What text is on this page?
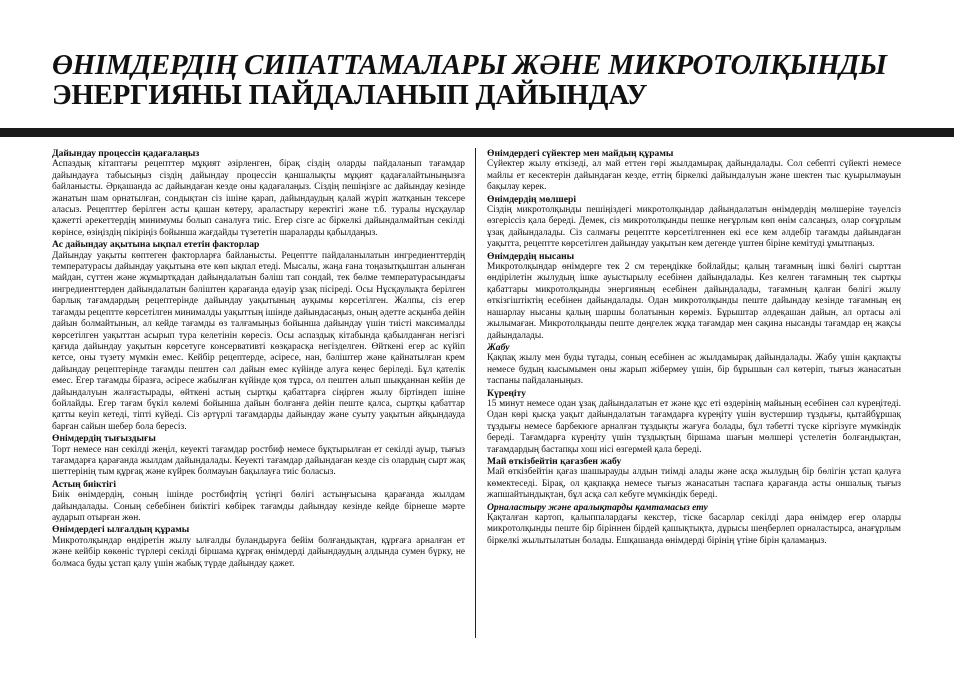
ӨНІМДЕРДІҢ СИПАТТАМАЛАРЫ ЖӘНЕ МИКРОТОЛҚЫНДЫ
ЭНЕРГИЯНЫ ПАЙДАЛАНЫП ДАЙЫНДАУ
Дайындау процессін қадағалаңыз

Аспаздық кітаптағы рецепттер мұқият әзірленген, бірақ сіздің оларды пайдаланып тағамдар дайындауға табысыңыз сіздің дайындау процессін қаншалықты мұқият қадағалайтыныңызға байланысты. Әрқашанда ас дайындаған кезде оны қадағалаңыз. Сіздің пешіңізге ас дайындау кезінде жанатын шам орнатылған, сондықтан сіз ішіне қарап, дайындаудың қалай жүріп жатқанын тексере аласыз. Рецепттер берілген асты қашан көтеру, араластыру керектігі және т.б. туралы нұсқаулар қажетті әрекеттердің минимумы болып саналуға тиіс. Егер сізге ас біркелкі дайындалмайтын секілді көрінсе, өзіңіздің пікіріңіз бойынша жағдайды түзететін шараларды қабылдаңыз.

Ас дайындау ақытына ықпал ететін факторлар

Дайындау уақыты көптеген факторларға байланысты. Рецептте пайдаланылатын ингредиенттердің температурасы дайындау уақытына өте көп ықпал етеді. Мысалы, жаңа ғана тоңазытқыштан алынған майдан, сүттен және жұмыртқадан дайындалатын бәліш тап сондай, тек бөлме температурасындағы ингредиенттерден дайындалатын бәліштен қарағанда едәуір ұзақ пісіреді. Осы Нұсқаулықта берілген барлық тағамдардың рецептерінде дайындау уақытының ауқымы көрсетілген. Жалпы, сіз егер тағамды рецептте көрсетілген минималды уақыттың ішінде дайындасаңыз, оның әдетте асқынба дейін дайын болмайтынын, ал кейде тағамды өз талғамыңыз бойынша дайындау үшін тиісті максималды көрсетілген уақыттан асырып тура келетінін көресіз. Осы аспаздық кітабында қабылданған негізгі қағида дайындау уақытын көрсетуге консервативті көзқарасқа негізделген. Өйткені егер ас күйіп кетсе, оны түзету мүмкін емес. Кейбір рецептерде, әсіресе, нан, бәліштер және қайнатылған крем дайындау рецептерінде тағамды пештен сәл дайын емес күйінде алуға кеңес беріледі. Бұл қателік емес. Егер тағамды біразға, әсіресе жабылған күйінде қоя тұрса, ол пештен алып шыққаннан кейін де дайындалуын жалғастырады, өйткені астың сыртқы қабаттарға сіңірген жылу біртіндеп ішіне бойлайды. Егер тағам бүкіл көлемі бойынша дайын болғанға дейін пеште қалса, сыртқы қабаттар қатты кеуіп кетеді, тіпті күйеді. Сіз әртүрлі тағамдарды дайындау және суыту уақытын айқындауда барған сайын шебер бола бересіз.

Өнімдердің тығыздығы

Торт немесе нан секілді жеңіл, кеуекті тағамдар ростбиф немесе бұқтырылған ет секілді ауыр, тығыз тағамдарға қарағанда жылдам дайындалады. Кеуекті тағамдар дайындаған кезде сіз олардың сырт жақ шеттерінің тым құрғақ және күйрек болмауын бақылауға тиіс боласыз.

Астың биіктігі

Биік өнімдердің, соның ішінде ростбифтің үстіңгі бөлігі астыңғысына қарағанда жылдам дайындалады. Соның себебінен биіктігі көбірек тағамды дайындау кезінде кейде бірнеше мәрте аударып отырған жөн.

Өнімдердегі ылғалдың құрамы

Микротолқындар өндіретін жылу ылғалды буландыруға бейім болғандықтан, құрғаға арналған ет және кейбір көкөніс түрлері секілді біршама құрғақ өнімдерді дайындаудың алдында сумен бүрку, не болмаса буды ұстап қалу үшін жабық түрде дайындау қажет.

Өнімдердегі сүйектер мен майдың құрамы

Сүйектер жылу өткізеді, ал май еттен гөрі жылдамырақ дайындалады. Сол себепті сүйекті немесе майлы ет кесектерін дайындаған кезде, еттің біркелкі дайындалуын және шектен тыс қуырылмауын бақылау керек.

Өнімдердің мөлшері

Сіздің микротолқынды пешіңіздегі микротолқындар дайындалатын өнімдердің мөлшеріне тәуелсіз өзгерiссiз қала береді. Демек, сіз микротолқынды пешке неғұрлым көп өнім салсаңыз, олар соғұрлым ұзақ дайындалады. Сіз салмағы рецептте көрсетілгеннен екі есе кем әлдебір тағамды дайындаған уақытта, рецептте көрсетілген дайындау уақытын кем дегенде үштен біріне кемітуді ұмытпаңыз.

Өнімдердің нысаны

Микротолқындар өнімдерге тек 2 см тереңдікке бойлайды; қалың тағамның ішкі бөлігі сырттан өндірілетін жылудың ішке ауыстырылу есебінен дайындалады. Кез келген тағамның тек сыртқы қабаттары микротолқынды энергияның есебінен дайындалады, тағамның қалған бөлігі жылу өткізгіштіктің есебінен дайындалады. Одан микротолқынды пеште дайындау кезінде тағамның ең нашарлау нысаны қалың шаршы болатынын көреміз. Бұрыштар әлдеқашан дайын, ал ортасы әлі жылымаған. Микротолқынды пеште дөңгелек жұқа тағамдар мен сақина нысанды тағамдар ең жақсы дайындалады.

Жабу

Қақпақ жылу мен буды тұтады, соның есебінен ас жылдамырақ дайындалады. Жабу үшін қақпақты немесе будың кысымымен оны жарып жібермеу үшін, бір бұрышын сәл көтеріп, тығыз жанасатын таспаны пайдаланыңыз.

Күреңіту

15 минут немесе одан ұзақ дайындалатын ет және құс еті өздерінің майының есебінен сәл күреңітеді. Одан көрі қысқа уақыт дайындалатын тағамдарға күреңіту үшін вустершир тұздығы, қытайбұршақ тұздығы немесе барбекюге арналған тұздықты жағуға болады, бұл тәбетті түске кіргізуге мүмкіндік береді. Тағамдарға күреңіту үшін тұздықтың біршама шағын мөлшері үстелетін болғандықтан, тағамдардың бастапқы хош иісі өзгермей қала береді.

Май өткізбейтін қағазбен жабу

Май өткізбейтін қағаз шашырауды алдын тиімді алады және асқа жылудың бір бөлігін ұстап қалуға көмектеседі. Бірақ, ол қақпаққа немесе тығыз жанасатын таспаға қарағанда асты оншалық тығыз жапшайтындықтан, бұл асқа сәл кебуге мүмкіндік береді.

Орналастыру және аралықтарды қамтамасыз ету

Қақталған картоп, қалыппалардағы кекстер, тіске басарлар секілді дара өнімдер егер оларды микротолқынды пеште бір біріннен бірдей қашықтықта, дұрысы шеңберлеп орналастырса, анағұрлым біркелкі жылытылатын болады. Ешқашанда өнімдерді бірінің үтіне бірін қаламаңыз.
